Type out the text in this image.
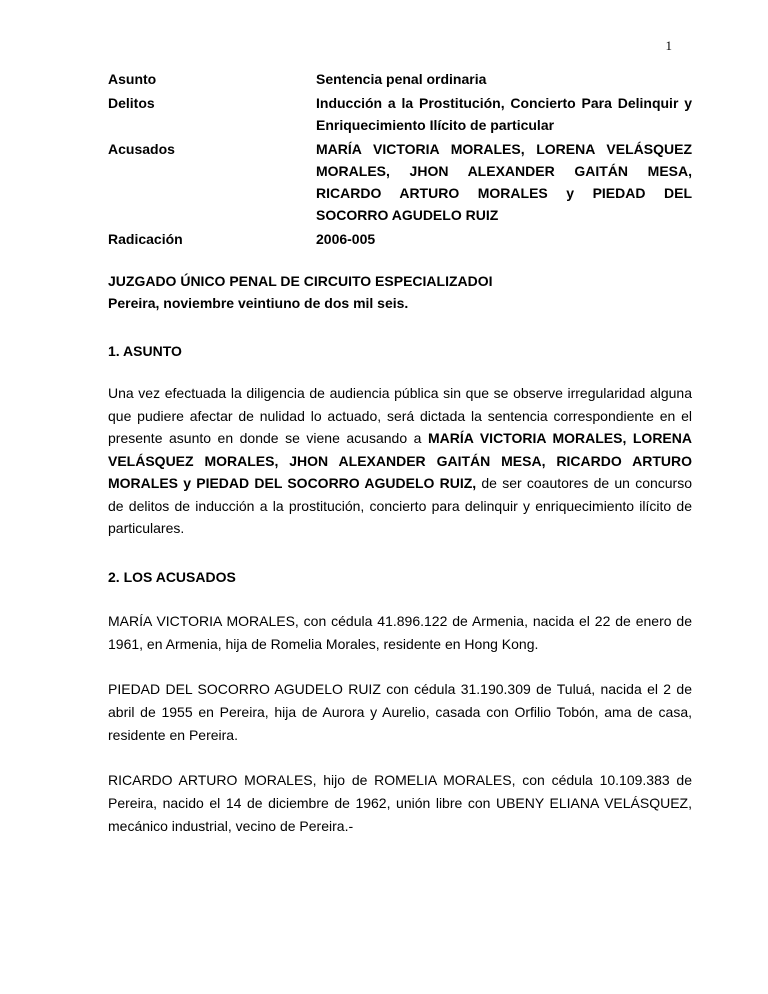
1
Asunto	Sentencia penal ordinaria
Delitos	Inducción a la Prostitución, Concierto Para Delinquir y Enriquecimiento Ilícito de particular
Acusados	MARÍA VICTORIA MORALES, LORENA VELÁSQUEZ MORALES, JHON ALEXANDER GAITÁN MESA, RICARDO ARTURO MORALES y PIEDAD DEL SOCORRO AGUDELO RUIZ
Radicación	2006-005
JUZGADO ÚNICO PENAL DE CIRCUITO ESPECIALIZADOI
Pereira, noviembre veintiuno de dos mil seis.
1. ASUNTO
Una vez efectuada la diligencia de audiencia pública sin que se observe irregularidad alguna que pudiere afectar de nulidad lo actuado, será dictada la sentencia correspondiente en el presente asunto en donde se viene acusando a MARÍA VICTORIA MORALES, LORENA VELÁSQUEZ MORALES, JHON ALEXANDER GAITÁN MESA, RICARDO ARTURO MORALES y PIEDAD DEL SOCORRO AGUDELO RUIZ, de ser coautores de un concurso de delitos de inducción a la prostitución, concierto para delinquir y enriquecimiento ilícito de particulares.
2. LOS ACUSADOS
MARÍA VICTORIA MORALES, con cédula 41.896.122 de Armenia, nacida el 22 de enero de 1961, en Armenia, hija de Romelia Morales, residente en Hong Kong.
PIEDAD DEL SOCORRO AGUDELO RUIZ con cédula 31.190.309 de Tuluá, nacida el 2 de abril de 1955 en Pereira, hija de Aurora y Aurelio, casada con Orfilio Tobón, ama de casa, residente en Pereira.
RICARDO ARTURO MORALES, hijo de ROMELIA MORALES, con cédula 10.109.383 de Pereira, nacido el 14 de diciembre de 1962, unión libre con UBENY ELIANA VELÁSQUEZ, mecánico industrial, vecino de Pereira.-
